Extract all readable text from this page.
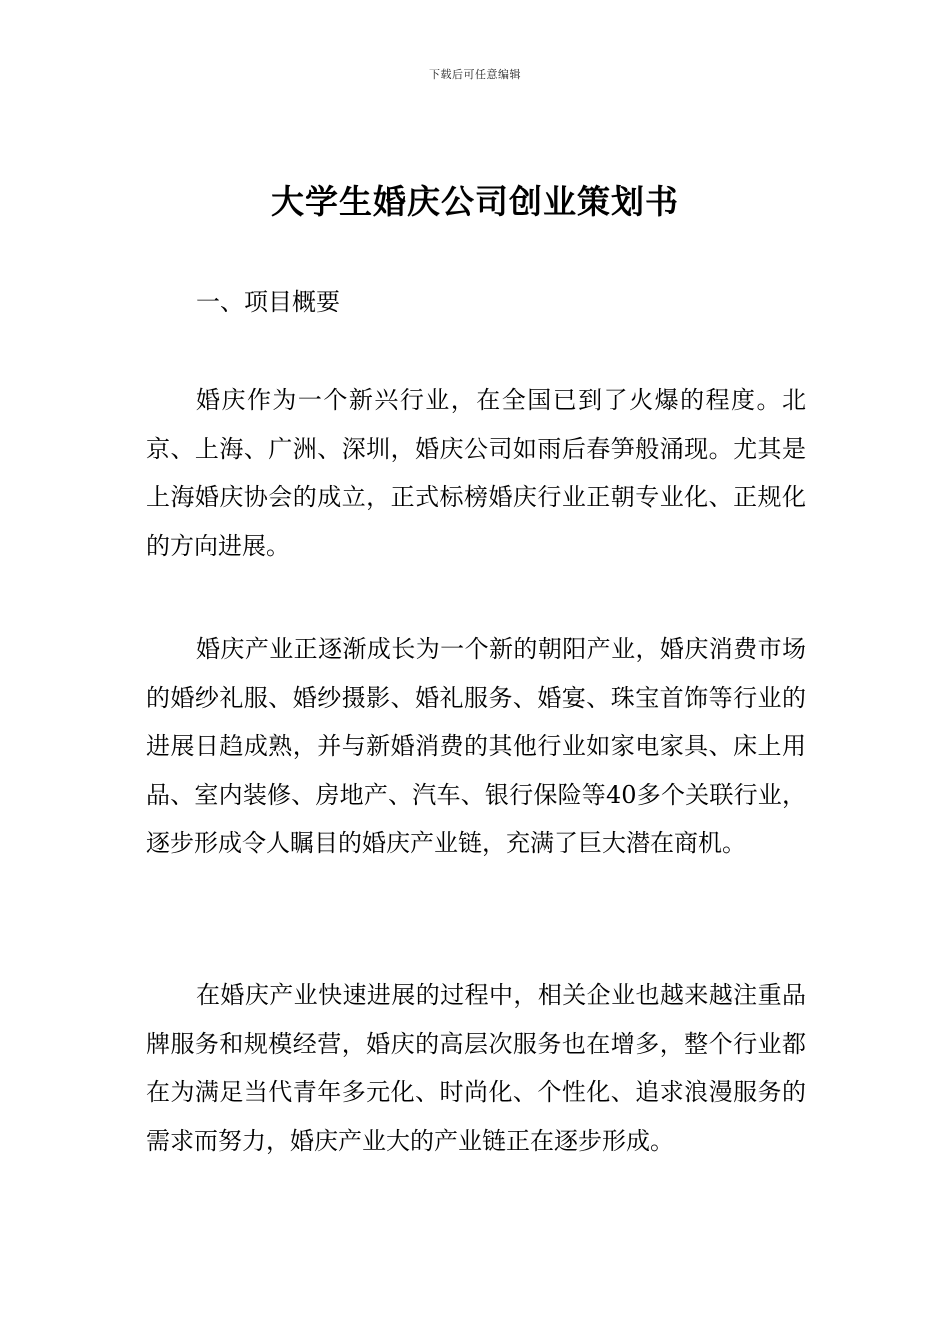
下载后可任意编辑
大学生婚庆公司创业策划书
一、项目概要

婚庆作为一个新兴行业，在全国已到了火爆的程度。北京、上海、广洲、深圳，婚庆公司如雨后春笋般涌现。尤其是上海婚庆协会的成立，正式标榜婚庆行业正朝专业化、正规化的方向进展。

婚庆产业正逐渐成长为一个新的朝阳产业，婚庆消费市场的婚纱礼服、婚纱摄影、婚礼服务、婚宴、珠宝首饰等行业的进展日趋成熟，并与新婚消费的其他行业如家电家具、床上用品、室内装修、房地产、汽车、银行保险等40多个关联行业，逐步形成令人瞩目的婚庆产业链，充满了巨大潜在商机。

在婚庆产业快速进展的过程中，相关企业也越来越注重品牌服务和规模经营，婚庆的高层次服务也在增多，整个行业都在为满足当代青年多元化、时尚化、个性化、追求浪漫服务的需求而努力，婚庆产业大的产业链正在逐步形成。
